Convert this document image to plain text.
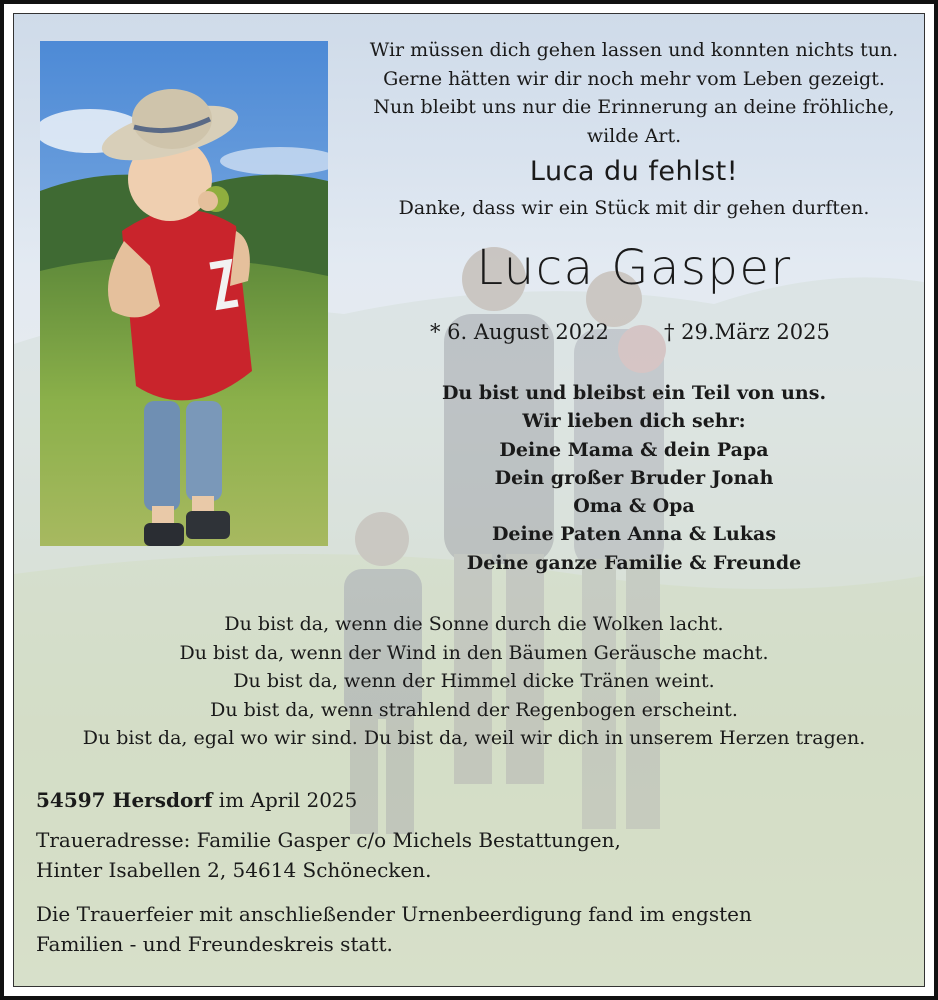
Wir müssen dich gehen lassen und konnten nichts tun.
Gerne hätten wir dir noch mehr vom Leben gezeigt.
Nun bleibt uns nur die Erinnerung an deine fröhliche,
wilde Art.
Luca du fehlst!
Danke, dass wir ein Stück mit dir gehen durften.
Luca Gasper
* 6. August 2022	† 29.März 2025
Du bist und bleibst ein Teil von uns.
Wir lieben dich sehr:
Deine Mama & dein Papa
Dein großer Bruder Jonah
Oma & Opa
Deine Paten Anna & Lukas
Deine ganze Familie & Freunde
Du bist da, wenn die Sonne durch die Wolken lacht.
Du bist da, wenn der Wind in den Bäumen Geräusche macht.
Du bist da, wenn der Himmel dicke Tränen weint.
Du bist da, wenn strahlend der Regenbogen erscheint.
Du bist da, egal wo wir sind. Du bist da, weil wir dich in unserem Herzen tragen.
54597 Hersdorf im April 2025
Traueradresse: Familie Gasper c/o Michels Bestattungen,
Hinter Isabellen 2, 54614 Schönecken.
Die Trauerfeier mit anschließender Urnenbeerdigung fand im engsten
Familien - und Freundeskreis statt.
